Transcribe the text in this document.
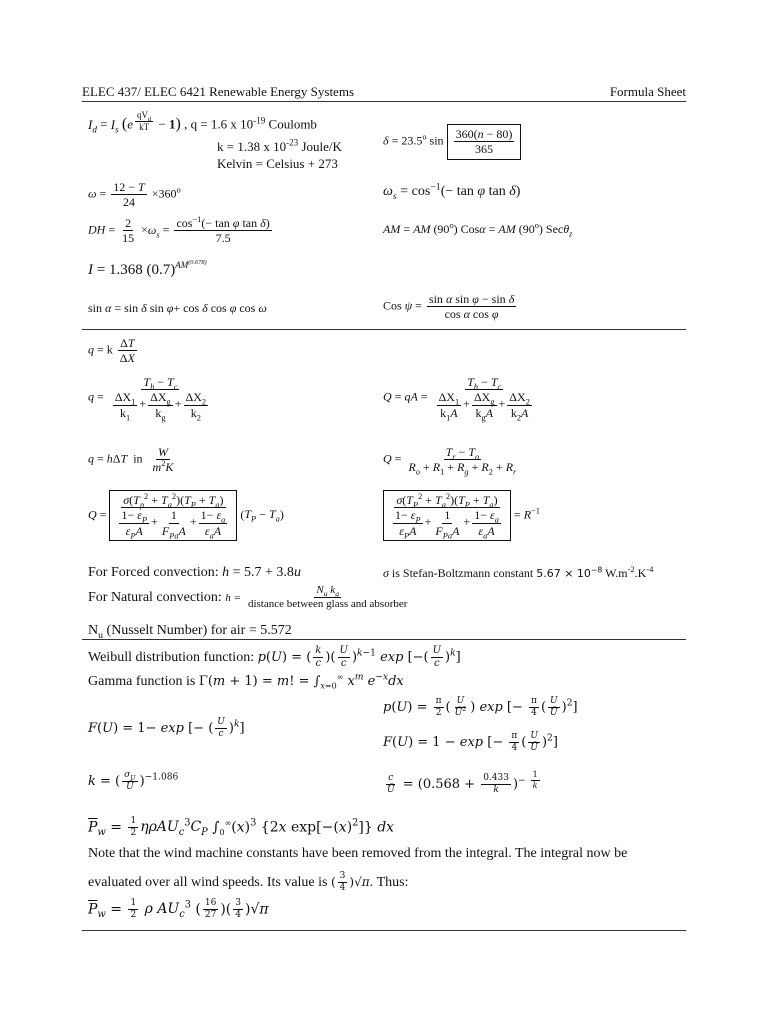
ELEC 437/ ELEC 6421 Renewable Energy Systems	Formula Sheet
$I_d = I_s$ (e $^{\frac{qV_d}{kT}}$ − 1) , q = 1.6 x $10^{-19}$ Coulomb
k = 1.38 x $10^{-23}$ Joule/K
Kelvin = Celsius + 273
$\delta = 23.5^o$ $\sin \frac{360(n - 80)}{365}$
$\omega = \frac{12 - T}{24} \times 360^o$	$\omega_s = \cos^{-1}(- \tan \varphi$ tan δ)
DH = $\frac{2}{15} \times\omega_s = \frac{\cos^{-1}(- \tan \varphi \tan \delta)}{7.5}$	AM = AM (90$^o$) Cosα = AM (90$^o$) Secθ$_z$
I = 1.368 $(0.7)^{AM^{(0.678)}}$
sin α = sin δ sin φ+ cos δ cos φ cos ω	Cos $\psi = \frac{\text{sin α sin φ − sin δ}}{\text{cos α cos φ}}$
q = k $\frac{\Delta T}{\Delta X}$
$q = \frac{T_h - T_c}{\frac{\Delta X_1}{k_1} + \frac{\Delta X_g}{k_g} + \frac{\Delta X_2}{k_2}}$	Q = qA = $\frac{T_h - T_c}{\frac{\Delta X_1}{k_1A} + \frac{\Delta X_g}{k_gA} + \frac{\Delta X_2}{k_2A}}$
q = hΔT  in $\frac{W}{m^2K}$	$Q = \frac{T_r - T_o}{R_o + R_1 + R_g + R_2 + R_r}$
$Q = \frac{\sigma(T_p^2 + T_a^2)(T_P + T_a)}{\frac{1- \varepsilon_P}{\varepsilon_PA} + \frac{1}{F_{Pa}A} + \frac{1- \varepsilon_a}{\varepsilon_aA}} (T_P - T_a)$	$\frac{\sigma(T_P^2 + T_a^2)(T_P + T_a)}{\frac{1- \varepsilon_P}{\varepsilon_PA} + \frac{1}{F_{Pa}A} + \frac{1- \varepsilon_a}{\varepsilon_aA}} = R^{-1}$
For Forced convection: h = 5.7 + 3.8u	σ is Stefan-Boltzmann constant $5.67 \times 10^{-8}$ $W.m^{-2}.K^{-4}$
For Natural convection: $h = \frac{N_u k_g}{\text{distance between glass and absorber}}$
$N_u$ (Nusselt Number) for air = 5.572
Weibull distribution function: p(U) = ( $\frac{k}{c}$ )( $\frac{U}{c} )^{k-1}$ exp [−( $\frac{U}{c} )^k$]
Gamma function is Γ(m + 1) = m! = $\int_{x=0}^\infty$ $x^m$ $e^{-x}dx$
$p(U) = \frac{\pi}{2}$ ( $\frac{U}{Ū^2}$ ) exp [− $\frac{\pi}{4}$ ( $\frac{U}{Ū} )^2$]
F(U) = 1− exp [− ( $\frac{U}{c} )^k$]
F(U) = 1 − exp [− $\frac{\pi}{4}$ ( $\frac{U}{Ū} )^2$]
k = ( $\frac{\sigma_U}{Ū} )^{-1.086}$	$\frac{c}{Ū} = (0.568 + \frac{0.433}{k} )^{- \frac{1}{k}}$
$\overline{P}_w = \frac{1}{2} \eta\rho AU_c^3C_P$ $\int_0^\infty(x)^3$ {2x $\exp[-(x)^2]$} dx
Note that the wind machine constants have been removed from the integral. The integral now be
evaluated over all wind speeds. Its value is ( $\frac{3}{4} )√\pi$. Thus:
$\overline{P}_w = \frac{1}{2}$ ρ $AU_c^3$ ( $\frac{16}{27}$ )( $\frac{3}{4} )√\pi$
